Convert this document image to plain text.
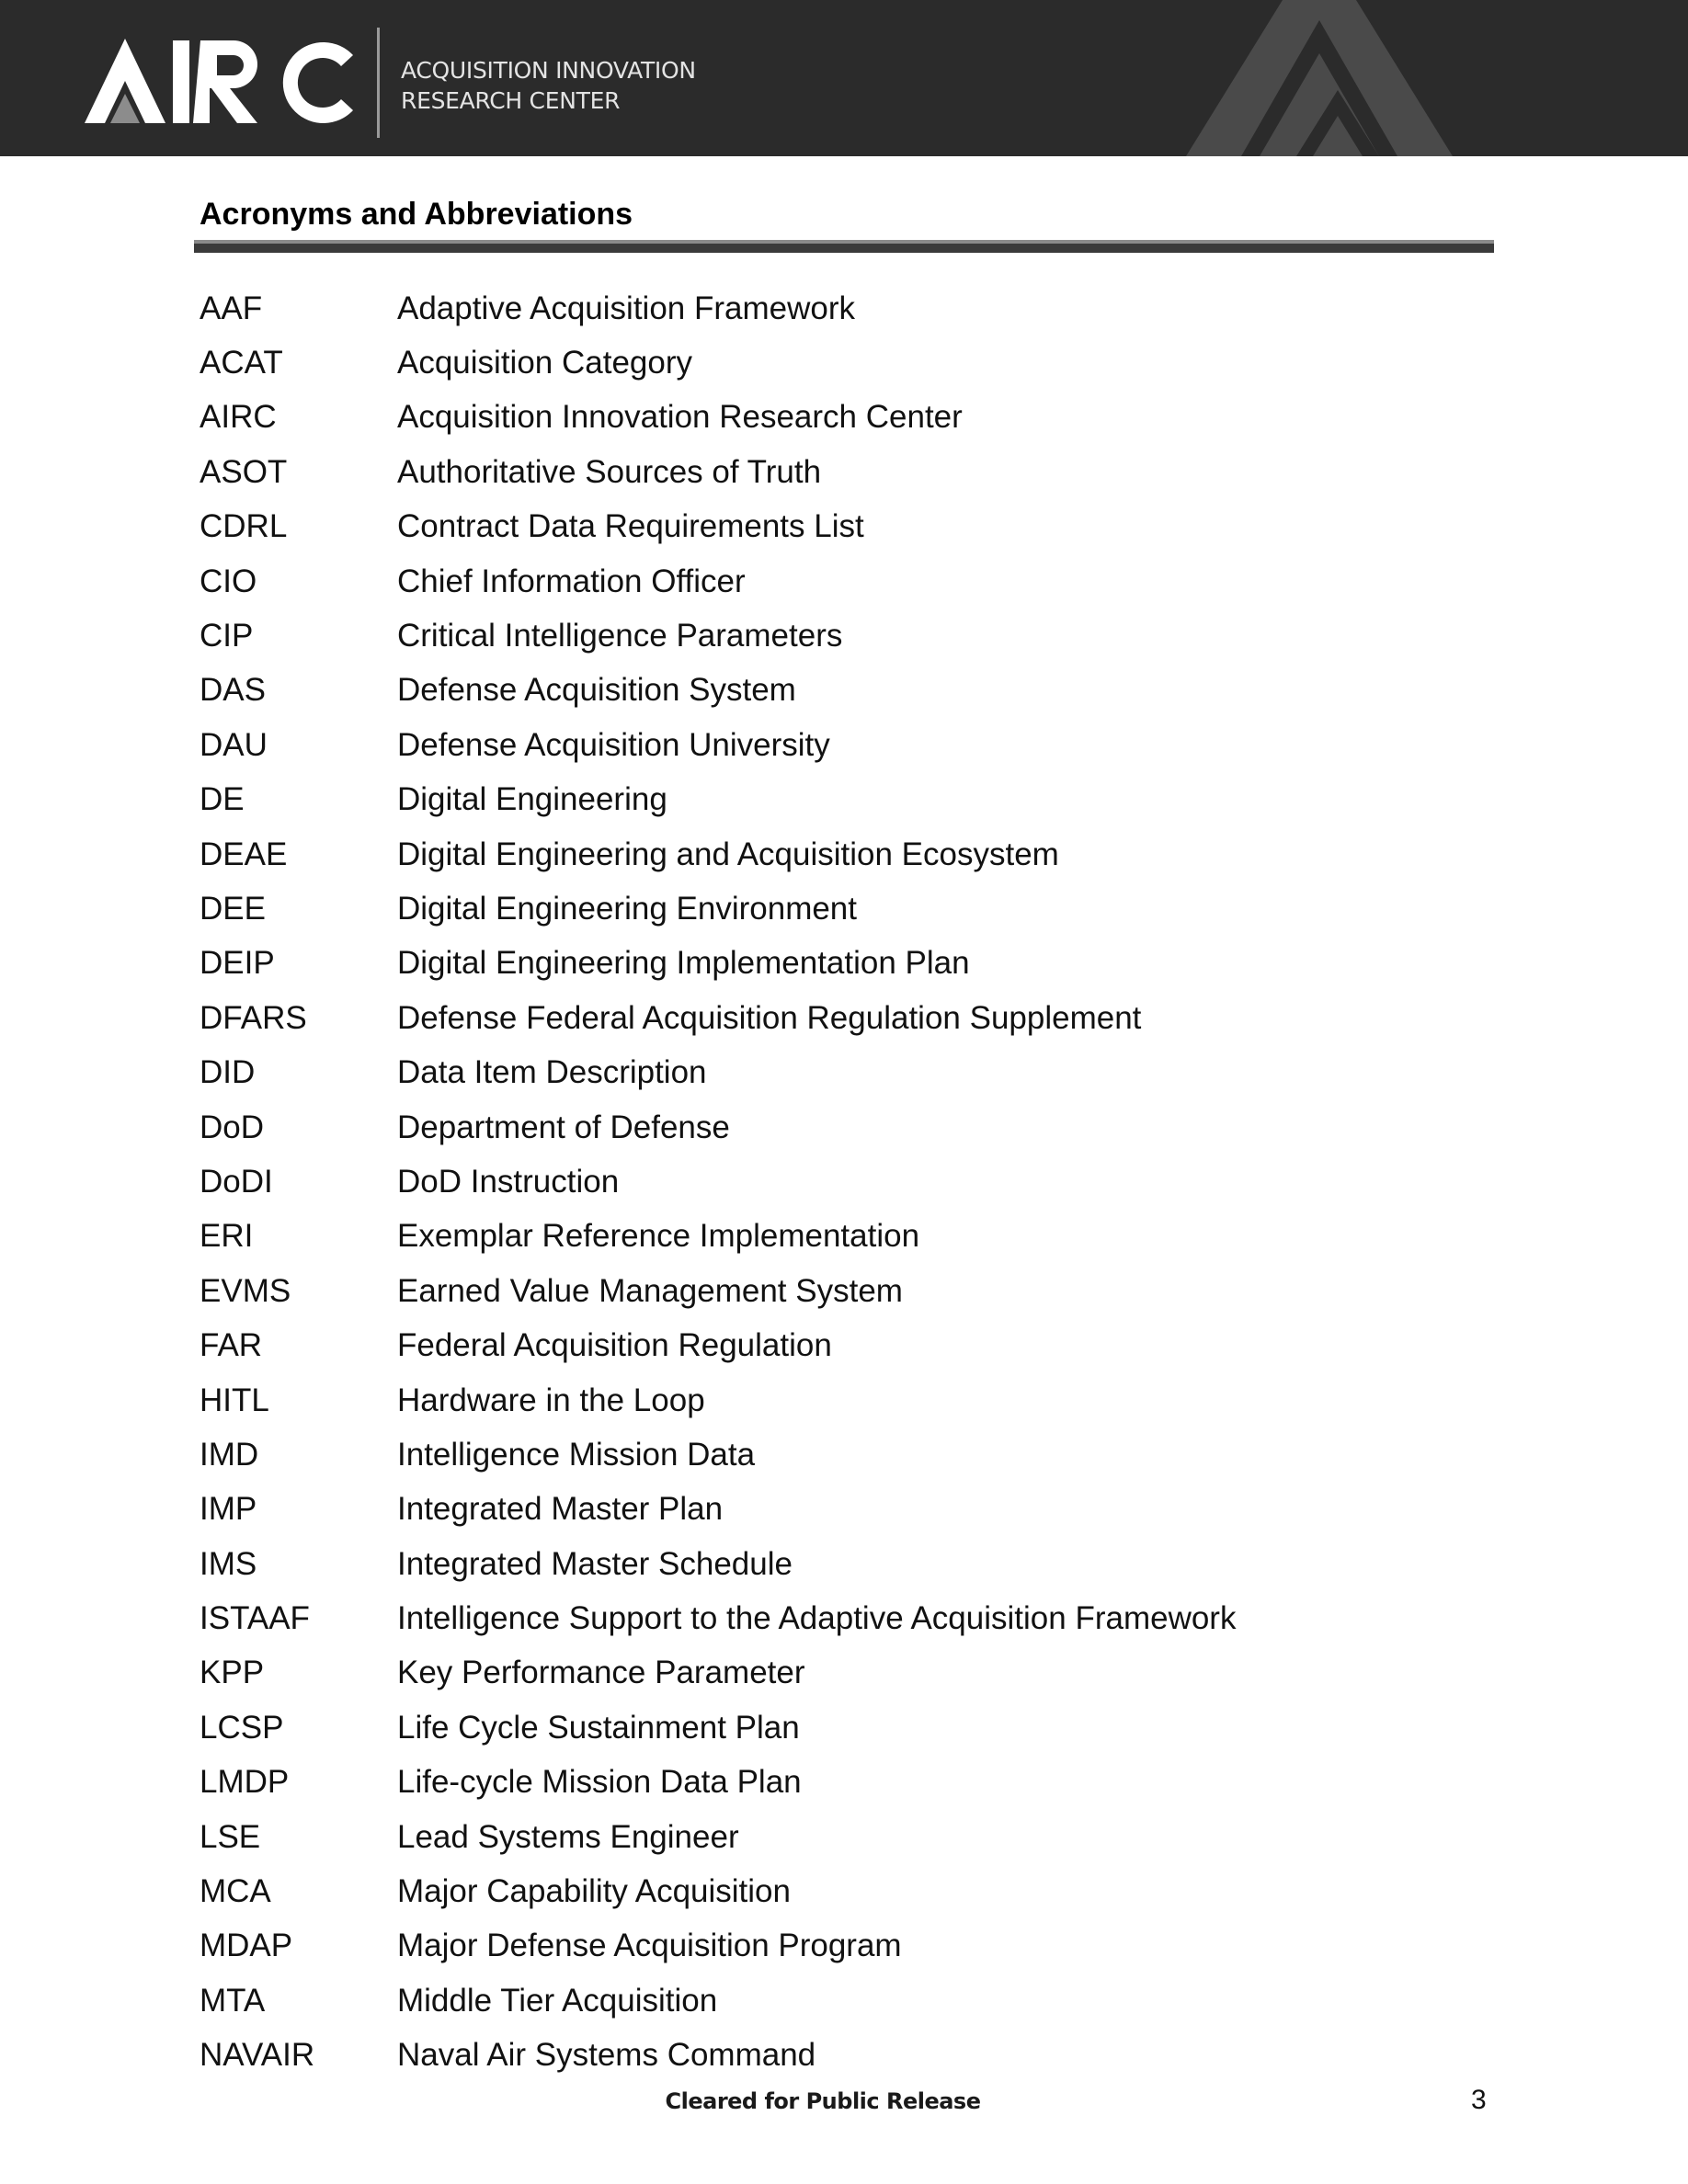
ACQUISITION INNOVATION
RESEARCH CENTER
Acronyms and Abbreviations
AAF	Adaptive Acquisition Framework
ACAT	Acquisition Category
AIRC	Acquisition Innovation Research Center
ASOT	Authoritative Sources of Truth
CDRL	Contract Data Requirements List
CIO	Chief Information Officer
CIP	Critical Intelligence Parameters
DAS	Defense Acquisition System
DAU	Defense Acquisition University
DE	Digital Engineering
DEAE	Digital Engineering and Acquisition Ecosystem
DEE	Digital Engineering Environment
DEIP	Digital Engineering Implementation Plan
DFARS	Defense Federal Acquisition Regulation Supplement
DID	Data Item Description
DoD	Department of Defense
DoDI	DoD Instruction
ERI	Exemplar Reference Implementation
EVMS	Earned Value Management System
FAR	Federal Acquisition Regulation
HITL	Hardware in the Loop
IMD	Intelligence Mission Data
IMP	Integrated Master Plan
IMS	Integrated Master Schedule
ISTAAF	Intelligence Support to the Adaptive Acquisition Framework
KPP	Key Performance Parameter
LCSP	Life Cycle Sustainment Plan
LMDP	Life-cycle Mission Data Plan
LSE	Lead Systems Engineer
MCA	Major Capability Acquisition
MDAP	Major Defense Acquisition Program
MTA	Middle Tier Acquisition
NAVAIR	Naval Air Systems Command
Cleared for Public Release	3
